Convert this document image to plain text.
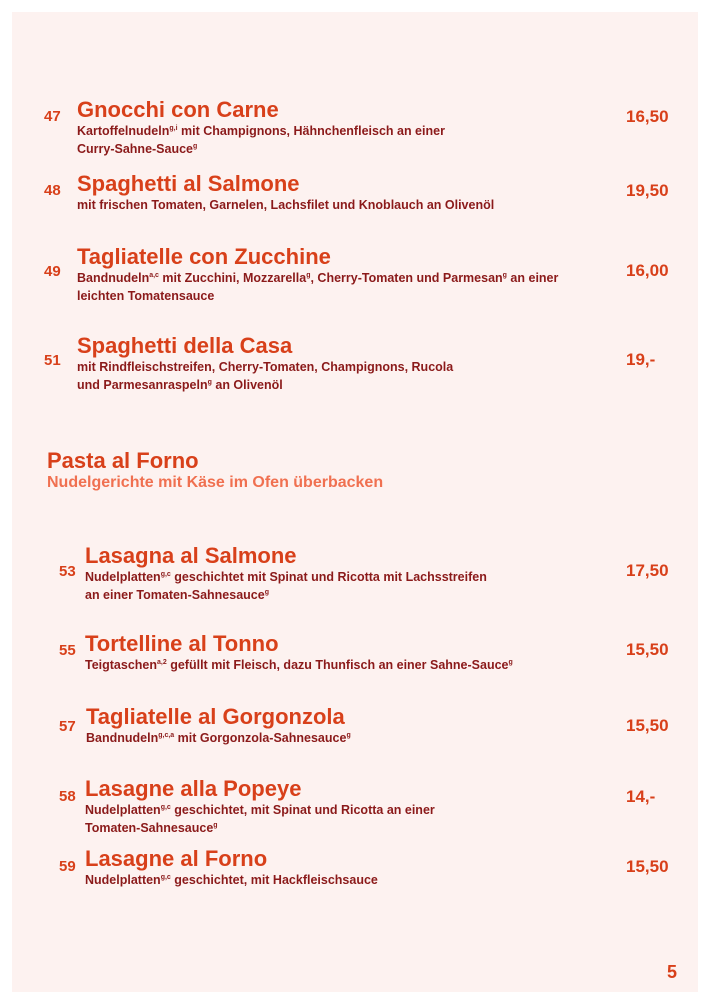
47 Gnocchi con Carne
Kartoffelnudeln$^{g,i}$ mit Champignons, Hähnchenfleisch an einer
Curry-Sahne-Sauce$^g$
16,50
48 Spaghetti al Salmone
mit frischen Tomaten, Garnelen, Lachsfilet und Knoblauch an Olivenöl
19,50
49
Tagliatelle con Zucchine
Bandnudeln$^{a,c}$ mit Zucchini, Mozzarella$^g$, Cherry-Tomaten und Parmesan$^g$ an einer leichten Tomatensauce
16,00
51
Spaghetti della Casa
mit Rindfleischstreifen, Cherry-Tomaten, Champignons, Rucola
und Parmesanraspeln$^g$ an Olivenöl
19,-
Pasta al Forno
Nudelgerichte mit Käse im Ofen überbacken
53
Lasagna al Salmone
Nudelplatten$^{g,c}$ geschichtet mit Spinat und Ricotta mit Lachsstreifen
an einer Tomaten-Sahnesauce$^g$
17,50
55 Tortelline al Tonno
Teigtaschen$^{a,2}$ gefüllt mit Fleisch, dazu Thunfisch an einer Sahne-Sauce$^g$
15,50
57 Tagliatelle al Gorgonzola
Bandnudeln$^{g,c,a}$ mit Gorgonzola-Sahnesauce$^g$
15,50
58 Lasagne alla Popeye
Nudelplatten$^{g,c}$ geschichtet, mit Spinat und Ricotta an einer
Tomaten-Sahnesauce$^g$
14,-
59 Lasagne al Forno
Nudelplatten$^{g,c}$ geschichtet, mit Hackfleischsauce
15,50
5
